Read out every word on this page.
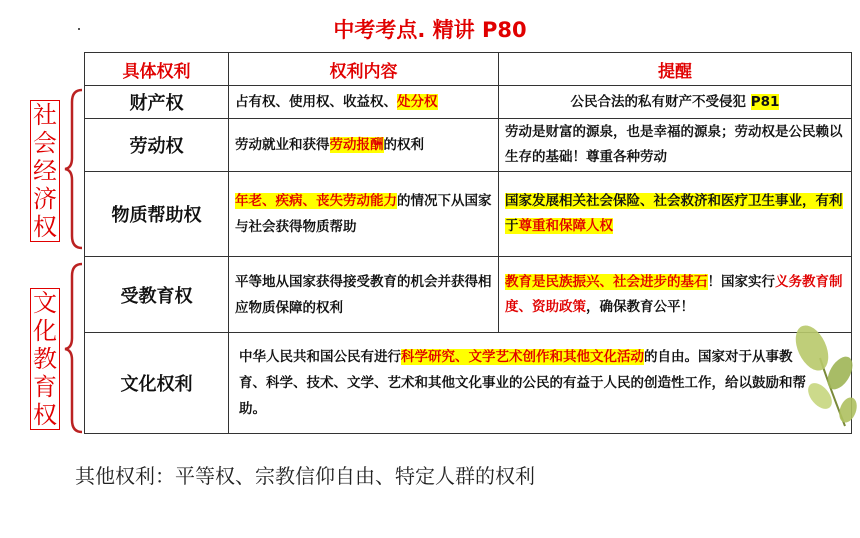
中考考点. 精讲 P80
社会经济权
文化教育权
具体权利	权利内容	提醒
财产权	占有权、使用权、收益权、处分权	公民合法的私有财产不受侵犯 P81
劳动权	劳动就业和获得劳动报酬的权利	劳动是财富的源泉，也是幸福的源泉；劳动权是公民赖以生存的基础！尊重各种劳动
物质帮助权	年老、疾病、丧失劳动能力的情况下从国家与社会获得物质帮助	国家发展相关社会保险、社会救济和医疗卫生事业，有利于尊重和保障人权
受教育权	平等地从国家获得接受教育的机会并获得相应物质保障的权利	教育是民族振兴、社会进步的基石！国家实行义务教育制度、资助政策，确保教育公平！
文化权利	中华人民共和国公民有进行科学研究、文学艺术创作和其他文化活动的自由。国家对于从事教育、科学、技术、文学、艺术和其他文化事业的公民的有益于人民的创造性工作，给以鼓励和帮助。	
其他权利：平等权、宗教信仰自由、特定人群的权利
